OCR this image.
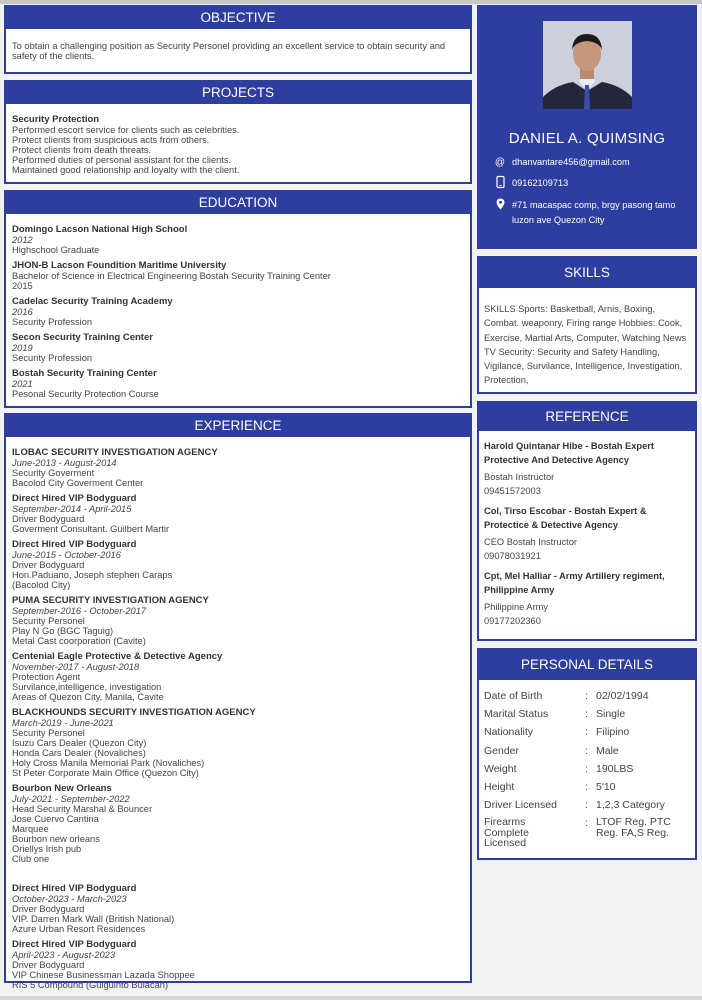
OBJECTIVE
To obtain a challenging position as Security Personel providing an excellent service to obtain security and safety of the clients.
PROJECTS
Security Protection
Performed escort service for clients such as celebrities.
Protect clients from suspicious acts from others.
Protect clients from death threats.
Performed duties of personal assistant for the clients.
Maintained good relationship and loyalty with the client.
EDUCATION
Domingo Lacson National High School
2012
Highschool Graduate
JHON-B Lacson Foundition Maritime University
Bachelor of Science in Electrical Engineering Bostah Security Training Center
2015
Cadelac Security Training Academy
2016
Security Profession
Secon Security Training Center
2019
Security Profession
Bostah Security Training Center
2021
Pesonal Security Protection Course
EXPERIENCE
ILOBAC SECURITY INVESTIGATION AGENCY
June-2013 - August-2014
Security Goverment
Bacolod City Goverment Center
Direct Hired VIP Bodyguard
September-2014 - April-2015
Driver Bodyguard
Goverment Consultant. Guilbert Martir
Direct Hired VIP Bodyguard
June-2015 - October-2016
Driver Bodyguard
Hon.Paduano, Joseph stephen Caraps
(Bacolod City)
PUMA SECURITY INVESTIGATION AGENCY
September-2016 - October-2017
Security Personel
Play N Go (BGC Taguig)
Metal Cast coorporation (Cavite)
Centenial Eagle Protective & Detective Agency
November-2017 - August-2018
Protection Agent
Survilance,intelligence, investigation
Areas of Quezon City, Manila, Cavite
BLACKHOUNDS SECURITY INVESTIGATION AGENCY
March-2019 - June-2021
Security Personel
Isuzu Cars Dealer (Quezon City)
Honda Cars Dealer (Novaliches)
Holy Cross Manila Memorial Park (Novaliches)
St Peter Corporate Main Office (Quezon City)
Bourbon New Orleans
July-2021 - September-2022
Head Security Marshal & Bouncer
Jose Cuervo Cantina
Marquee
Bourbon new orleans
Oriellys Irish pub
Club one
Direct Hired VIP Bodyguard
October-2023 - March-2023
Driver Bodyguard
VIP. Darren Mark Wall (British National)
Azure Urban Resort Residences
Direct Hired VIP Bodyguard
April-2023 - August-2023
Driver Bodyguard
VIP Chinese Businessman Lazada Shoppee
RIS 5 Compound (Guiguinto Bulacan)
DANIEL A. QUIMSING
@ dhanvantare456@gmail.com
09162109713
#71 macaspac comp, brgy pasong tamo luzon ave Quezon City
SKILLS
SKILLS Sports: Basketball, Arnis, Boxing, Combat. weaponry, Firing range Hobbies: Cook, Exercise, Martial Arts, Computer, Watching News TV Security: Security and Safety Handling, Vigilance, Survilance, Intelligence, Investigation, Protection,
REFERENCE
Harold Quintanar Hibe - Bostah Expert Protective And Detective Agency
Bostah Instructor
09451572003
Col, Tirso Escobar - Bostah Expert & Protectice & Detective Agency
CEO Bostah Instructor
09078031921
Cpt, Mel Halliar - Army Artillery regiment, Philippine Army
Philippine Army
09177202360
PERSONAL DETAILS
Date of Birth	: 02/02/1994
Marital Status	: Single
Nationality	: Filipino
Gender	: Male
Weight	: 190LBS
Height	: 5'10
Driver Licensed	: 1,2,3 Category
Firearms Complete Licensed
: LTOF Reg. PTC Reg. FA,S Reg.
